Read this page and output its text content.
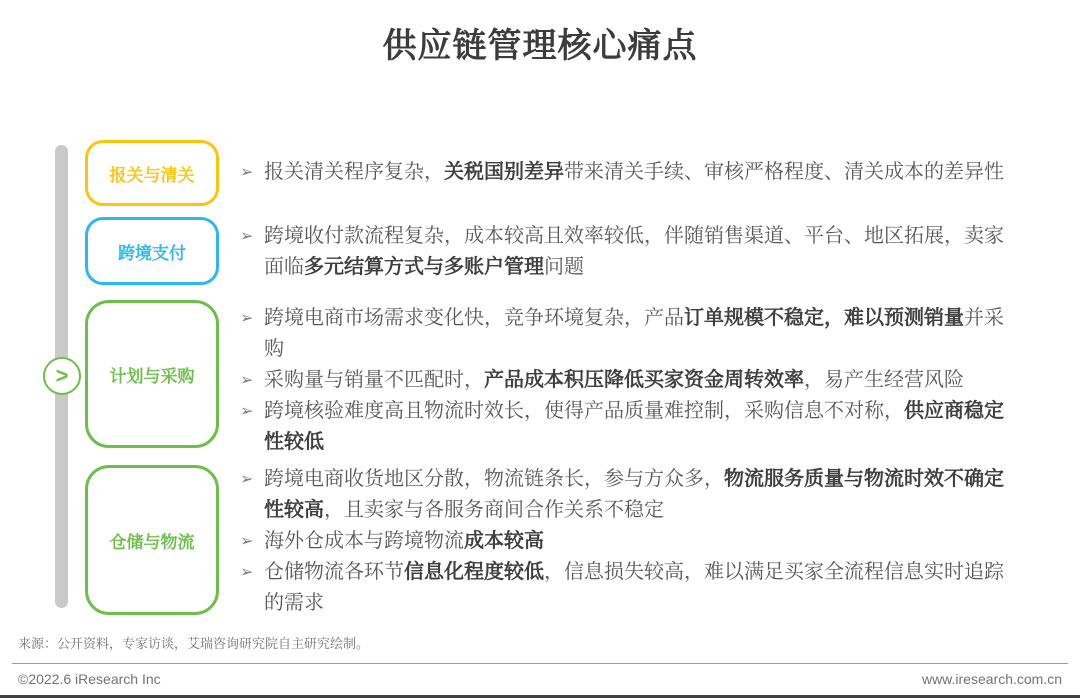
供应链管理核心痛点
>
报关与清关
跨境支付
计划与采购
仓储与物流
➢ 报关清关程序复杂，关税国别差异带来清关手续、审核严格程度、清关成本的差异性
➢ 跨境收付款流程复杂，成本较高且效率较低，伴随销售渠道、平台、地区拓展，卖家面临多元结算方式与多账户管理问题
➢ 跨境电商市场需求变化快，竞争环境复杂，产品订单规模不稳定，难以预测销量并采购
➢ 采购量与销量不匹配时，产品成本积压降低买家资金周转效率，易产生经营风险
➢ 跨境核验难度高且物流时效长，使得产品质量难控制，采购信息不对称，供应商稳定性较低
➢ 跨境电商收货地区分散，物流链条长，参与方众多，物流服务质量与物流时效不确定性较高，且卖家与各服务商间合作关系不稳定
➢ 海外仓成本与跨境物流成本较高
➢ 仓储物流各环节信息化程度较低，信息损失较高，难以满足买家全流程信息实时追踪的需求
来源：公开资料，专家访谈，艾瑞咨询研究院自主研究绘制。
©2022.6 iResearch Inc	www.iresearch.com.cn
